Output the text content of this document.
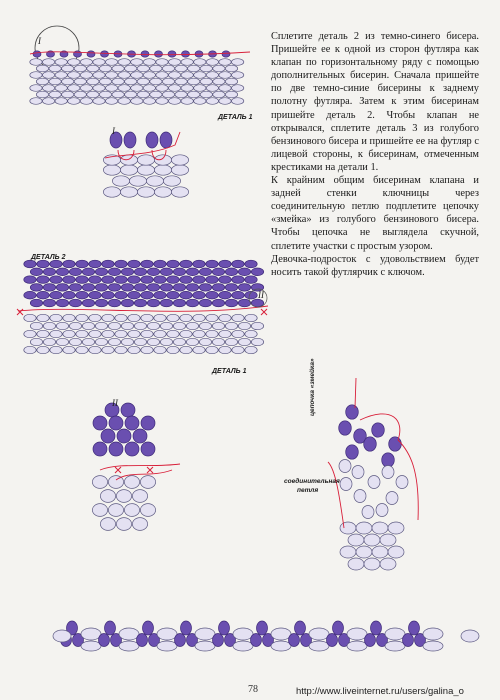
Сплетите деталь 2 из темно-синего бисера. Пришейте ее к одной из сторон футляра как клапан по горизонтальному ряду с помощью дополнительных бисерин. Сначала пришейте по две темно-синие бисерины к заднему полотну футляра. Затем к этим бисеринам пришейте деталь 2. Чтобы клапан не открывался, сплетите деталь 3 из голубого бензинового бисера и пришейте ее на футляр с лицевой стороны, к бисеринам, отмеченным крестиками на детали 1.

К крайним общим бисеринам клапана и задней стенки ключницы через соединительную петлю подплетите цепочку «змейка» из голубого бензинового бисера. Чтобы цепочка не выглядела скучной, сплетите участки с простым узором.

Девочка-подросток с удовольствием будет носить такой футлярчик с ключом.

I
ДЕТАЛЬ 1
I
ДЕТАЛЬ 2
II
ДЕТАЛЬ 1
II	цепочка «змейка»
соединительная
петля
78	http://www.liveinternet.ru/users/galina_o
